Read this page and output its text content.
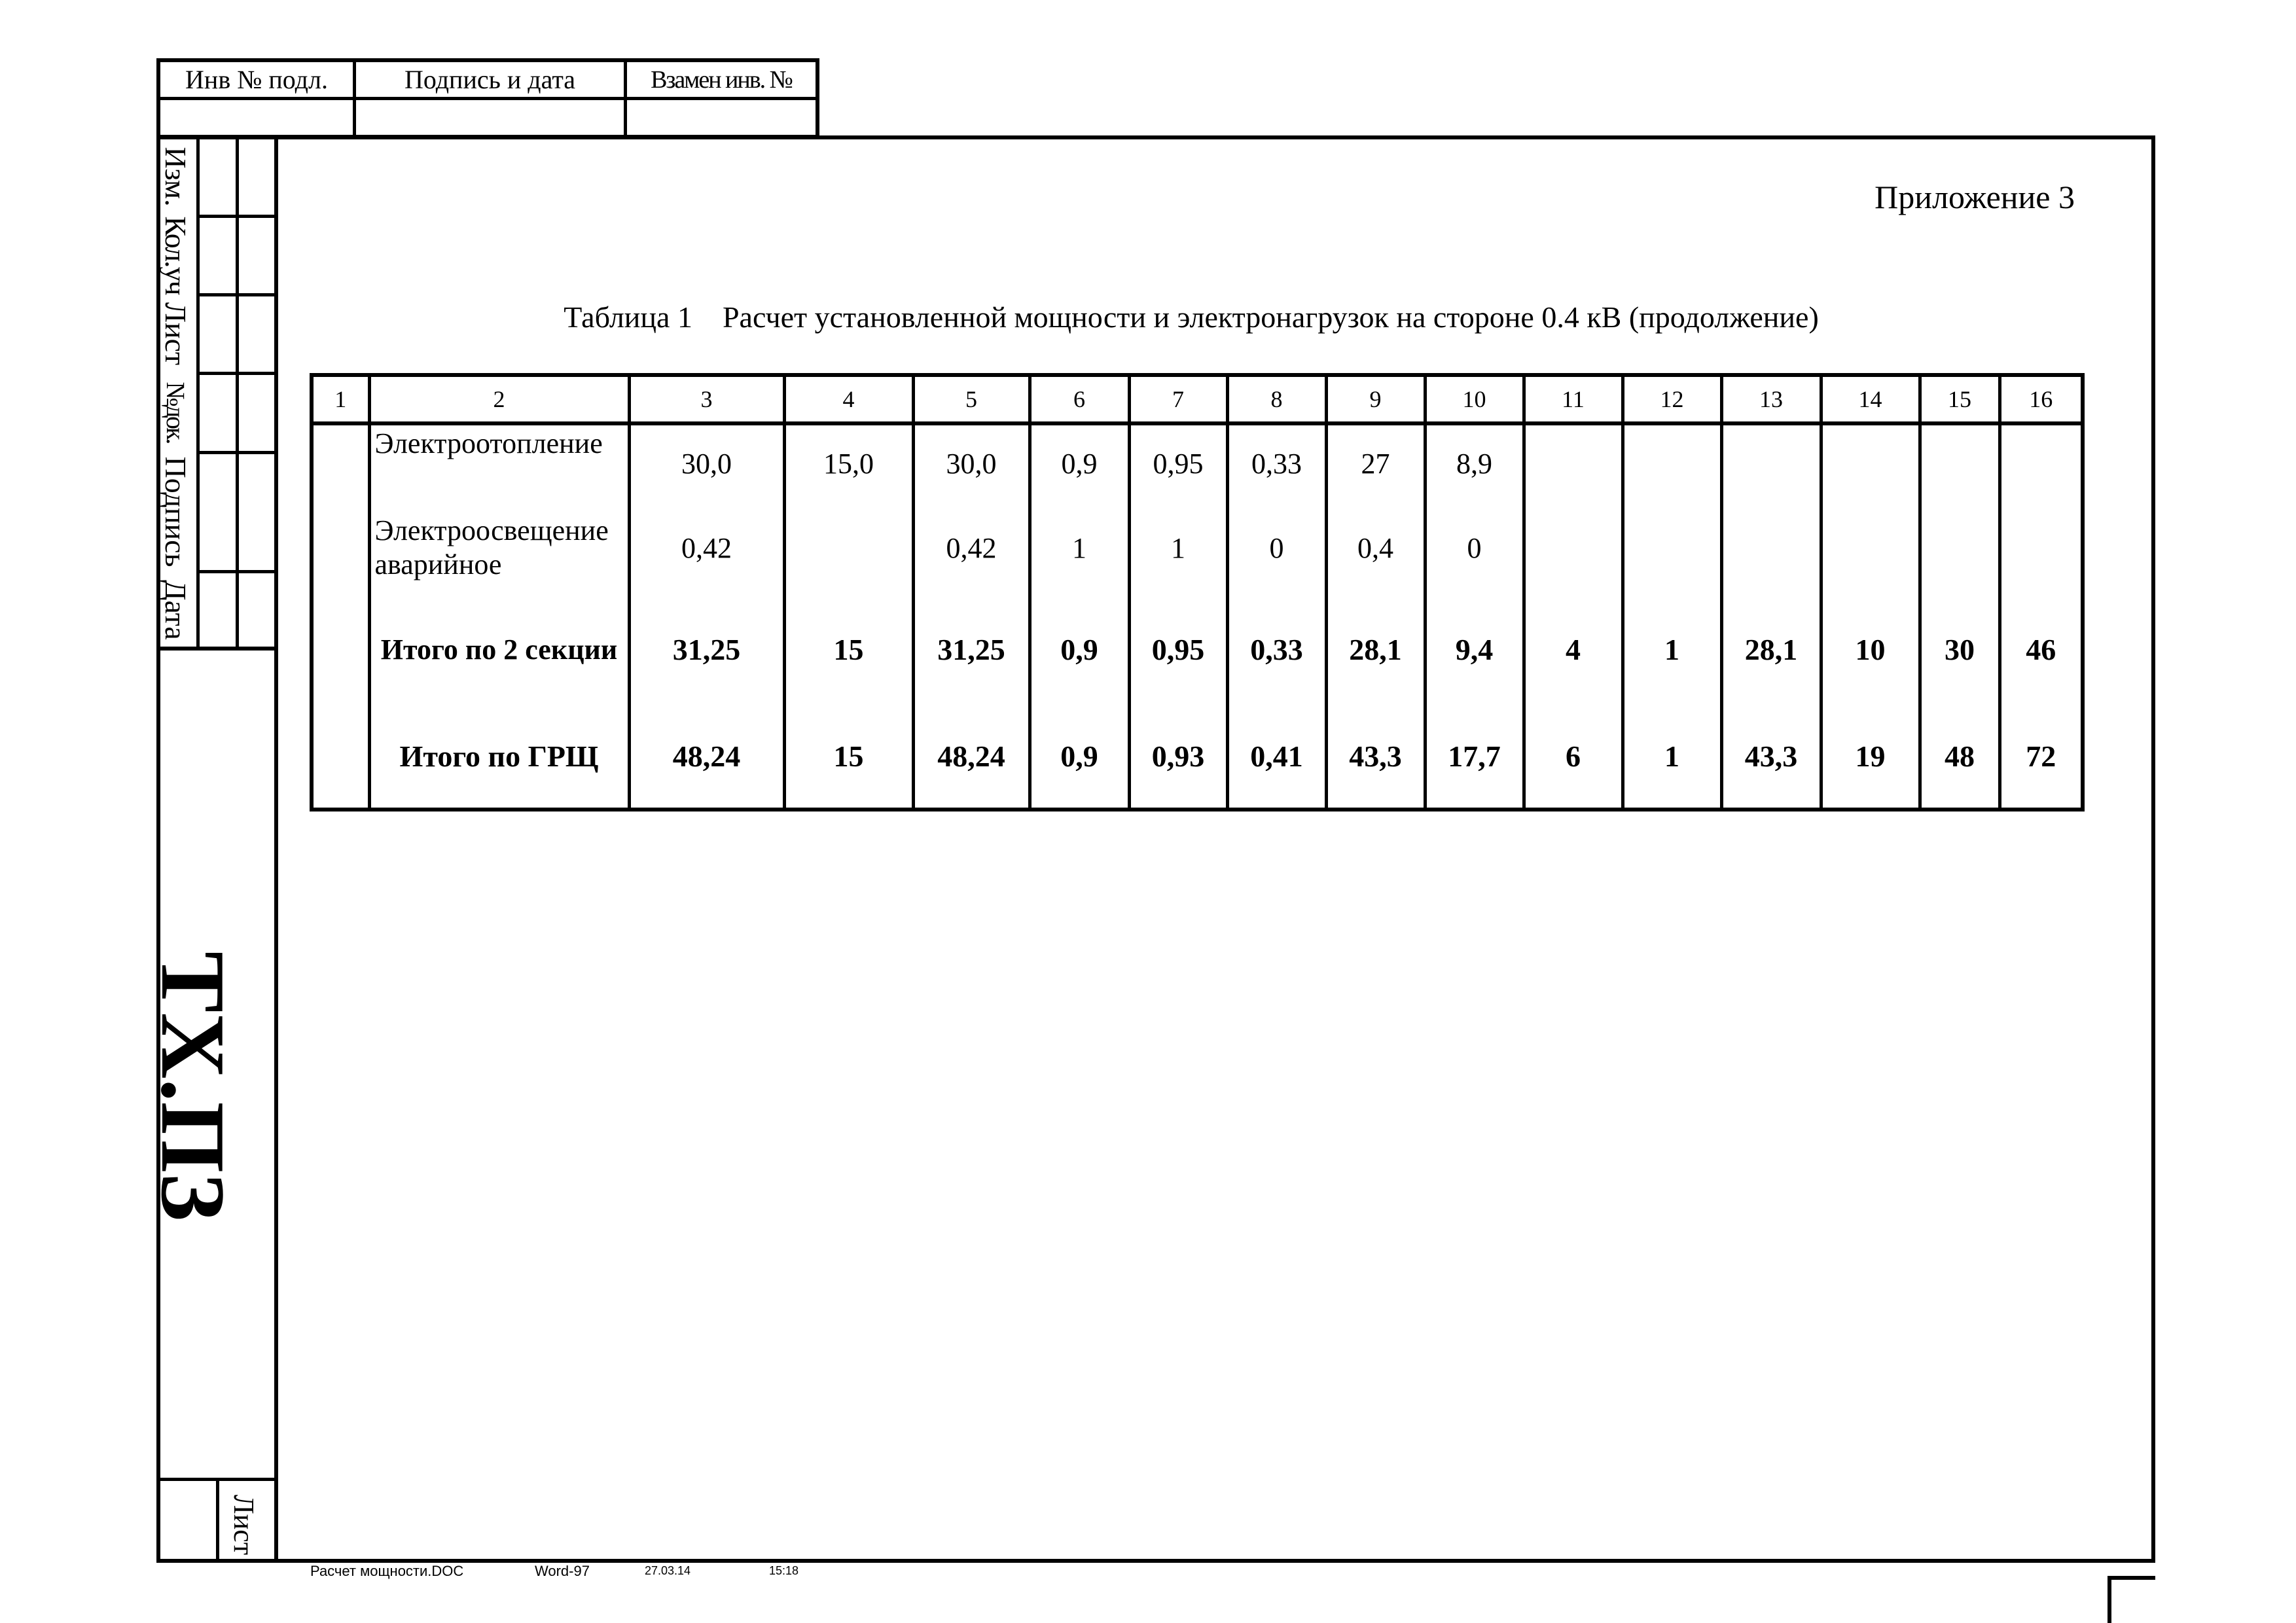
Инв № подл.	Подпись и дата	Взамен инв. №
Изм.
Кол.уч
Лист
№док.
Подпись
Дата
ТХ.ПЗ
Лист
Приложение 3
Таблица 1    Расчет установленной мощности и электронагрузок на стороне 0.4 кВ (продолжение)
1	2	3	4	5	6	7	8	9	10	11	12	13	14	15	16
	Электроотопление	30,0	15,0	30,0	0,9	0,95	0,33	27	8,9						
	Электроосвещение аварийное	0,42		0,42	1	1	0	0,4	0						
	Итого по 2 секции	31,25	15	31,25	0,9	0,95	0,33	28,1	9,4	4	1	28,1	10	30	46
	Итого по ГРЩ	48,24	15	48,24	0,9	0,93	0,41	43,3	17,7	6	1	43,3	19	48	72
Расчет мощности.DOC	Word-97	27.03.14	15:18
